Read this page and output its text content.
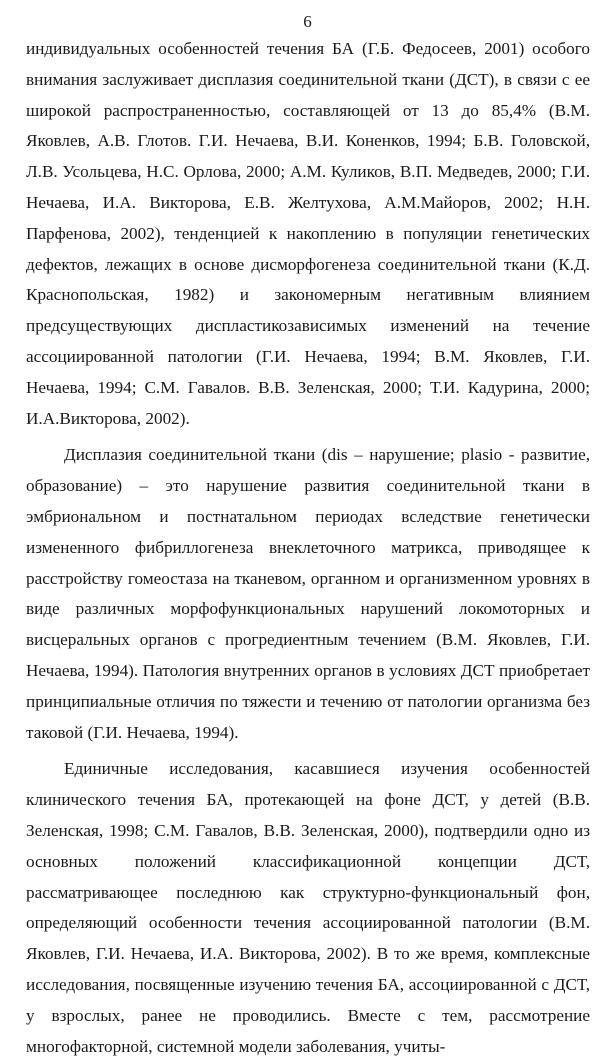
6

индивидуальных особенностей течения БА (Г.Б. Федосеев, 2001) особого внимания заслуживает дисплазия соединительной ткани (ДСТ), в связи с ее широкой распространенностью, составляющей от 13 до 85,4% (В.М. Яковлев, А.В. Глотов. Г.И. Нечаева, В.И. Коненков, 1994; Б.В. Головской, Л.В. Усольцева, Н.С. Орлова, 2000; А.М. Куликов, В.П. Медведев, 2000; Г.И. Нечаева, И.А. Викторова, Е.В. Желтухова, А.М.Майоров, 2002; Н.Н. Парфенова, 2002), тенденцией к накоплению в популяции генетических дефектов, лежащих в основе дисморфогенеза соединительной ткани (К.Д. Краснопольская, 1982) и закономерным негативным влиянием предсуществующих диспластикозависимых изменений на течение ассоциированной патологии (Г.И. Нечаева, 1994; В.М. Яковлев, Г.И. Нечаева, 1994; С.М. Гавалов. В.В. Зеленская, 2000; Т.И. Кадурина, 2000; И.А.Викторова, 2002).

Дисплазия соединительной ткани (dis – нарушение; plasio - развитие, образование) – это нарушение развития соединительной ткани в эмбриональном и постнатальном периодах вследствие генетически измененного фибриллогенеза внеклеточного матрикса, приводящее к расстройству гомеостаза на тканевом, органном и организменном уровнях в виде различных морфофункциональных нарушений локомоторных и висцеральных органов с прогредиентным течением (В.М. Яковлев, Г.И. Нечаева, 1994). Патология внутренних органов в условиях ДСТ приобретает принципиальные отличия по тяжести и течению от патологии организма без таковой (Г.И. Нечаева, 1994).

Единичные исследования, касавшиеся изучения особенностей клинического течения БА, протекающей на фоне ДСТ, у детей (В.В. Зеленская, 1998; С.М. Гавалов, В.В. Зеленская, 2000), подтвердили одно из основных положений классификационной концепции ДСТ, рассматривающее последнюю как структурно-функциональный фон, определяющий особенности течения ассоциированной патологии (В.М. Яковлев, Г.И. Нечаева, И.А. Викторова, 2002). В то же время, комплексные исследования, посвященные изучению течения БА, ассоциированной с ДСТ, у взрослых, ранее не проводились. Вместе с тем, рассмотрение многофакторной, системной модели заболевания, учиты-
